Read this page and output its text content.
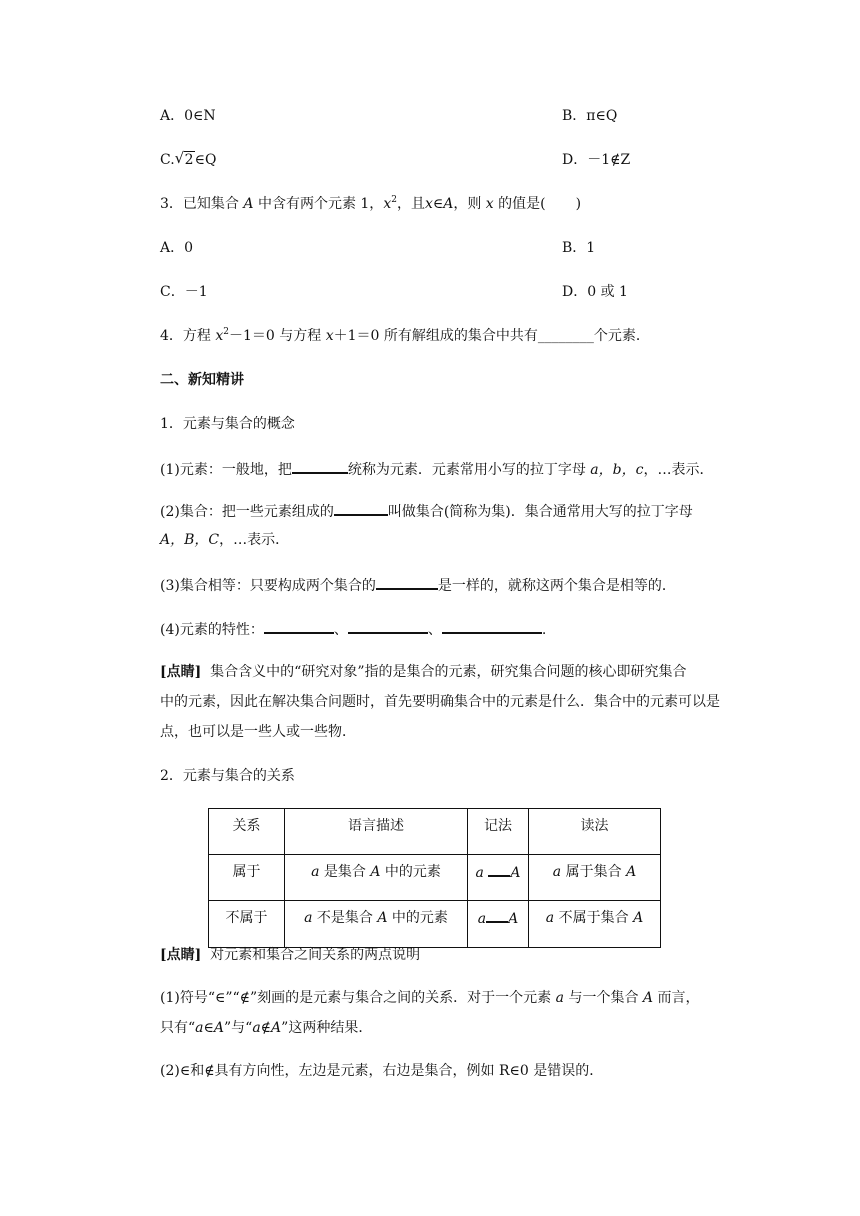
A．0∈N	B．π∈Q
C. √ 2∈Q	D．－1∉Z
3．已知集合 A 中含有两个元素 1，$x^2$，且x∈A，则 x 的值是( )
A．0	B．1
C．－1	D．0 或 1
4．方程 $x^2-1=0$ 与方程 x＋1＝0 所有解组成的集合中共有________个元素．
二、新知精讲
1．元素与集合的概念
(1)元素：一般地，把	统称为元素．元素常用小写的拉丁字母 a，b，c，…表示．
(2)集合：把一些元素组成的	叫做集合(简称为集)．集合通常用大写的拉丁字母
A，B，C，…表示．
(3)集合相等：只要构成两个集合的	是一样的，就称这两个集合是相等的．
(4)元素的特性：	、	、	.
[点睛] 集合含义中的“研究对象”指的是集合的元素，研究集合问题的核心即研究集合
中的元素，因此在解决集合问题时，首先要明确集合中的元素是什么．集合中的元素可以是
点，也可以是一些人或一些物．
2．元素与集合的关系
关系	语言描述	记法	读法
属于	a 是集合 A 中的元素	a A	a 属于集合 A
不属于	a 不是集合 A 中的元素	a A	a 不属于集合 A
[点睛] 对元素和集合之间关系的两点说明
(1)符号“∈”“∉”刻画的是元素与集合之间的关系．对于一个元素 a 与一个集合 A 而言，
只有“a∈A”与“a∉A”这两种结果．
(2)∈和∉具有方向性，左边是元素，右边是集合，例如 R∈0 是错误的．
